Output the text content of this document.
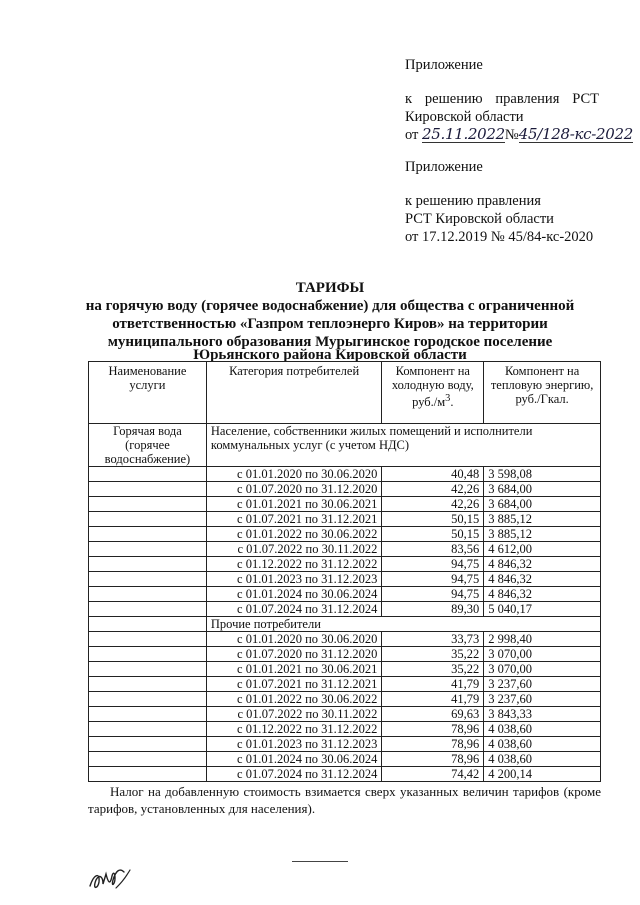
Приложение
к решению правления РСТ
Кировской области
от 25.11.2022№45/128-кс-2022
Приложение
к решению правления
РСТ Кировской области
от 17.12.2019 № 45/84-кс-2020
ТАРИФЫ
на горячую воду (горячее водоснабжение) для общества с ограниченной
ответственностью «Газпром теплоэнерго Киров» на территории
муниципального образования Мурыгинское городское поселение
Юрьянского района Кировской области
Наименование услуги	Категория потребителей	Компонент на холодную воду, $руб./м^3$.	Компонент на тепловую энергию, руб./Гкал.
Горячая вода (горячее водоснабжение)	Население, собственники жилых помещений и исполнители коммунальных услуг (с учетом НДС)		
	с 01.01.2020 по 30.06.2020	40,48	3 598,08
	с 01.07.2020 по 31.12.2020	42,26	3 684,00
	с 01.01.2021 по 30.06.2021	42,26	3 684,00
	с 01.07.2021 по 31.12.2021	50,15	3 885,12
	с 01.01.2022 по 30.06.2022	50,15	3 885,12
	с 01.07.2022 по 30.11.2022	83,56	4 612,00
	с 01.12.2022 по 31.12.2022	94,75	4 846,32
	с 01.01.2023 по 31.12.2023	94,75	4 846,32
	с 01.01.2024 по 30.06.2024	94,75	4 846,32
	с 01.07.2024 по 31.12.2024	89,30	5 040,17
	Прочие потребители		
	с 01.01.2020 по 30.06.2020	33,73	2 998,40
	с 01.07.2020 по 31.12.2020	35,22	3 070,00
	с 01.01.2021 по 30.06.2021	35,22	3 070,00
	с 01.07.2021 по 31.12.2021	41,79	3 237,60
	с 01.01.2022 по 30.06.2022	41,79	3 237,60
	с 01.07.2022 по 30.11.2022	69,63	3 843,33
	с 01.12.2022 по 31.12.2022	78,96	4 038,60
	с 01.01.2023 по 31.12.2023	78,96	4 038,60
	с 01.01.2024 по 30.06.2024	78,96	4 038,60
	с 01.07.2024 по 31.12.2024	74,42	4 200,14
Налог на добавленную стоимость взимается сверх указанных величин тарифов (кроме тарифов, установленных для населения).
